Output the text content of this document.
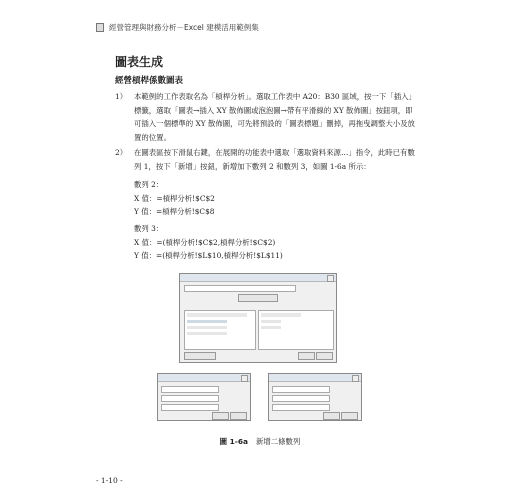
經營管理與財務分析－Excel 建模活用範例集
圖表生成
經營槓桿係數圖表
1） 本範例的工作表取名為「槓桿分析」。選取工作表中 A20：B30 區域，按一下「插入」標籤，選取「圖表→插入 XY 散佈圖或泡泡圖→帶有平滑線的 XY 散佈圖」按鈕項，即可插入一個標準的 XY 散佈圖，可先將預設的「圖表標題」刪掉，再拖曳調整大小及放置的位置。
2） 在圖表區按下滑鼠右鍵，在展開的功能表中選取「選取資料來源…」指令，此時已有數列 1，按下「新增」按鈕，新增加下數列 2 和數列 3，如圖 1-6a 所示：
數列 2：
X 值：=槓桿分析!$C$2
Y 值：=槓桿分析!$C$8
數列 3：
X 值：=(槓桿分析!$C$2,槓桿分析!$C$2)
Y 值：=(槓桿分析!$L$10,槓桿分析!$L$11)
圖 1-6a 新增二條數列
- 1-10 -
